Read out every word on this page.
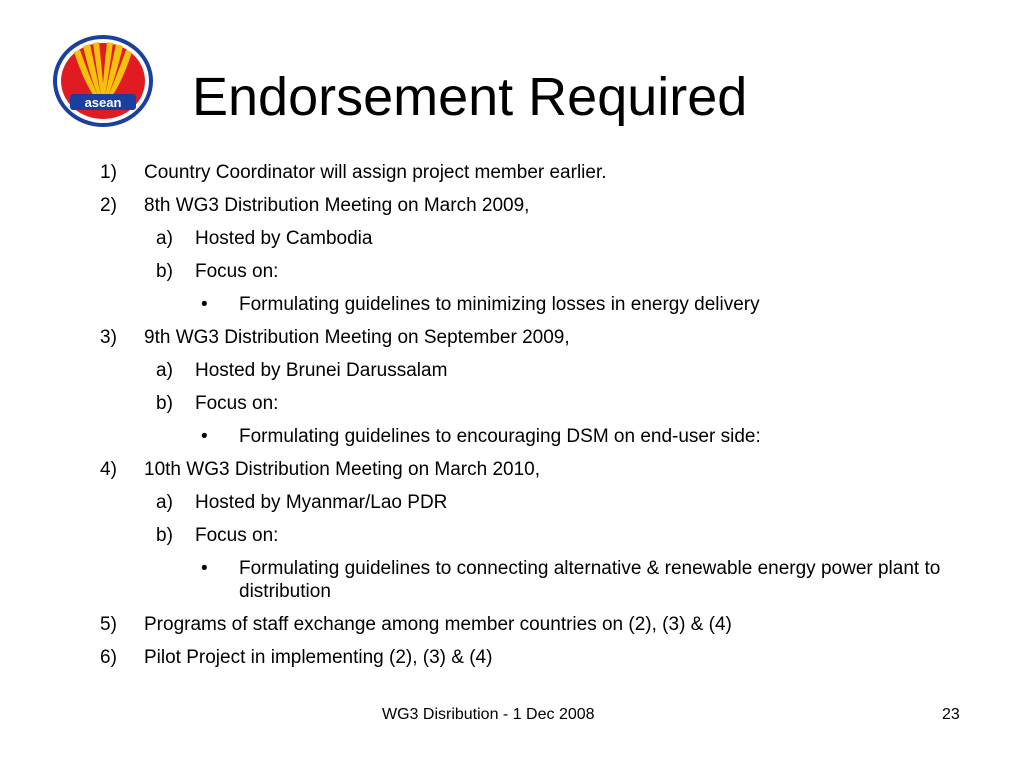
asean Endorsement Required
1) Country Coordinator will assign project member earlier.
2) 8th WG3 Distribution Meeting on March 2009,
a) Hosted by Cambodia
b) Focus on:
• Formulating guidelines to minimizing losses in energy delivery
3) 9th WG3 Distribution Meeting on September 2009,
a) Hosted by Brunei Darussalam
b) Focus on:
• Formulating guidelines to encouraging DSM on end-user side:
4) 10th WG3 Distribution Meeting on March 2010,
a) Hosted by Myanmar/Lao PDR
b) Focus on:
• Formulating guidelines to connecting alternative & renewable energy power plant to distribution
5) Programs of staff exchange among member countries on (2), (3) & (4)
6) Pilot Project in implementing (2), (3) & (4)
WG3 Disribution - 1 Dec 2008	23
